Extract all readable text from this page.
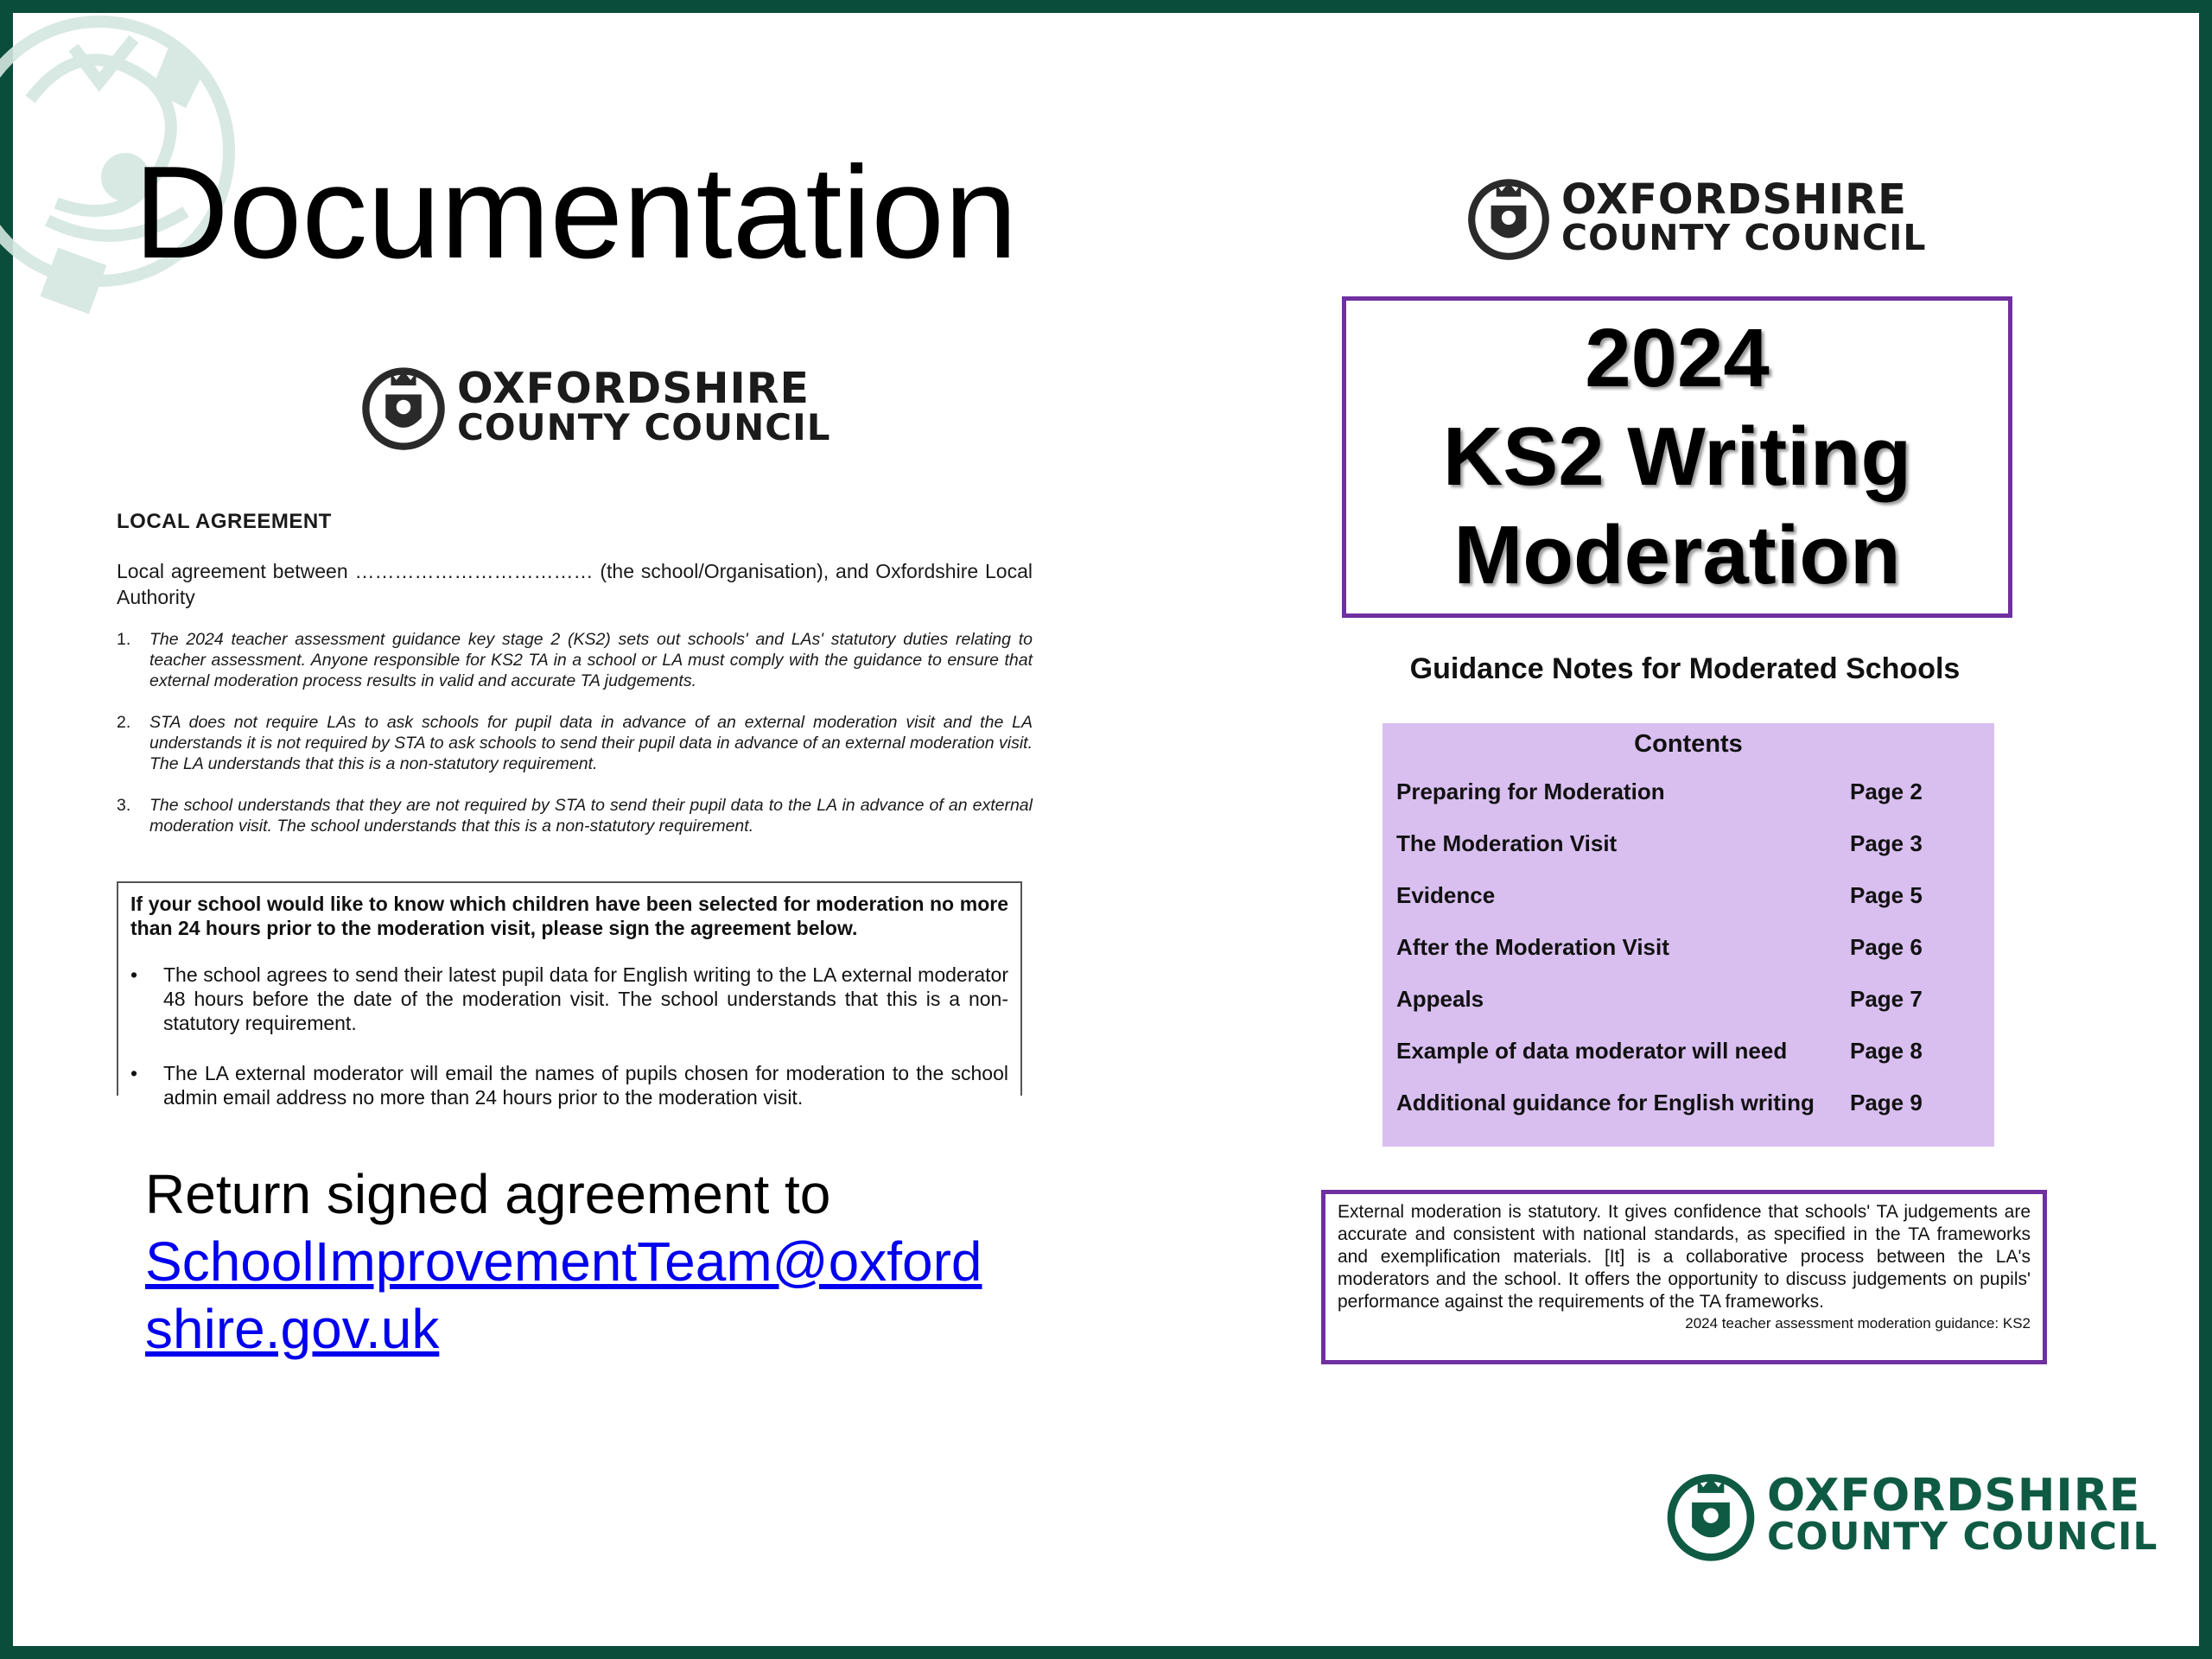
Documentation
OXFORDSHIRE
COUNTY COUNCIL
LOCAL AGREEMENT

Local agreement between ……………………………… (the school/Organisation), and Oxfordshire Local Authority

1.	The 2024 teacher assessment guidance key stage 2 (KS2) sets out schools' and LAs' statutory duties relating to teacher assessment. Anyone responsible for KS2 TA in a school or LA must comply with the guidance to ensure that external moderation process results in valid and accurate TA judgements.
2.	STA does not require LAs to ask schools for pupil data in advance of an external moderation visit and the LA understands it is not required by STA to ask schools to send their pupil data in advance of an external moderation visit. The LA understands that this is a non-statutory requirement.
3.	The school understands that they are not required by STA to send their pupil data to the LA in advance of an external moderation visit. The school understands that this is a non-statutory requirement.

If your school would like to know which children have been selected for moderation no more than 24 hours prior to the moderation visit, please sign the agreement below.

•	The school agrees to send their latest pupil data for English writing to the LA external moderator 48 hours before the date of the moderation visit. The school understands that this is a non-statutory requirement.
•	The LA external moderator will email the names of pupils chosen for moderation to the school admin email address no more than 24 hours prior to the moderation visit.
Return signed agreement to
SchoolImprovementTeam@oxford
shire.gov.uk
OXFORDSHIRE
COUNTY COUNCIL
2024
KS2 Writing
Moderation
Guidance Notes for Moderated Schools
Contents
Preparing for Moderation	Page 2
The Moderation Visit	Page 3
Evidence	Page 5
After the Moderation Visit	Page 6
Appeals	Page 7
Example of data moderator will need	Page 8
Additional guidance for English writing	Page 9

External moderation is statutory. It gives confidence that schools' TA judgements are accurate and consistent with national standards, as specified in the TA frameworks and exemplification materials. [It] is a collaborative process between the LA's moderators and the school. It offers the opportunity to discuss judgements on pupils' performance against the requirements of the TA frameworks.

2024 teacher assessment moderation guidance: KS2
OXFORDSHIRE
COUNTY COUNCIL
